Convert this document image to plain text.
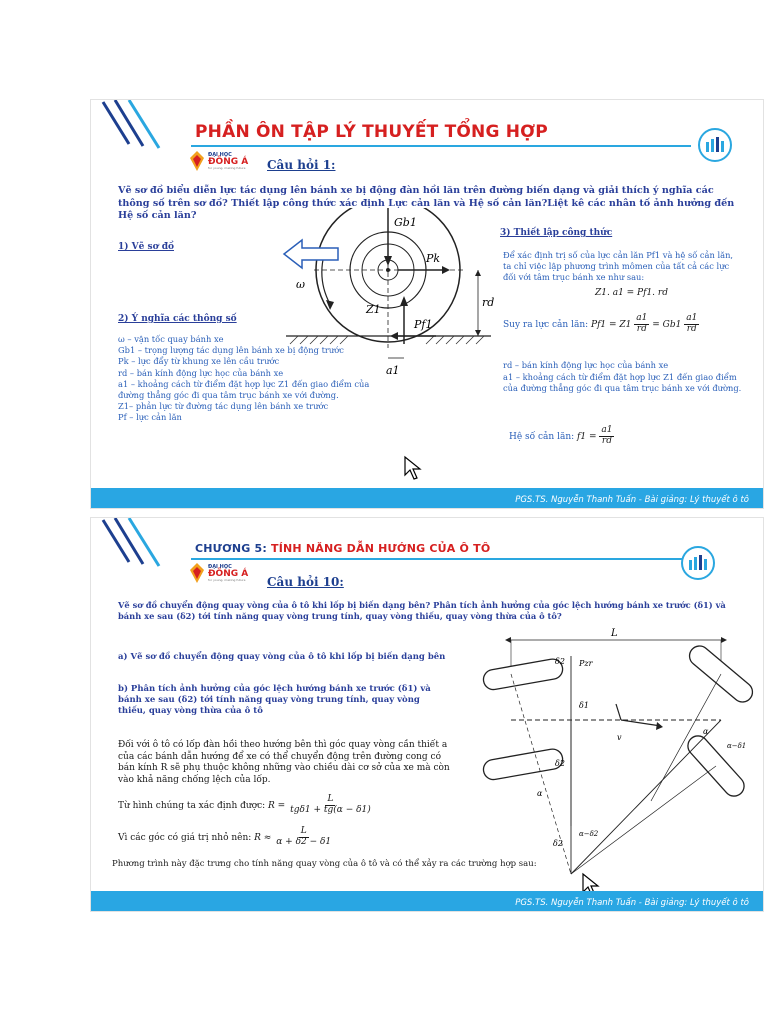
PHẦN ÔN TẬP LÝ THUYẾT TỔNG HỢP
ĐẠI HỌC
ĐÔNG Á
for young, making future Câu hỏi 1:
Vẽ sơ đồ biểu diễn lực tác dụng lên bánh xe bị động đàn hồi lăn trên đường biến dạng và giải thích ý nghĩa các thông số trên sơ đồ? Thiết lập công thức xác định Lực cản lăn và Hệ số cản lăn?Liệt kê các nhân tố ảnh hưởng đến Hệ số cản lăn?
1) Vẽ sơ đồ
Gb1
Pk
ω
Z1
Pf1
a1
rd
2) Ý nghĩa các thông số
ω – vận tốc quay bánh xe
Gb1 – trọng lượng tác dụng lên bánh xe bị động trước
Pk – lực đẩy từ khung xe lên cầu trước
rd – bán kính động lực học của bánh xe
a1 – khoảng cách từ điểm đặt hợp lực Z1 đến giao điểm của đường thẳng góc đi qua tâm trục bánh xe với đường.
Z1– phản lực từ đường tác dụng lên bánh xe trước
Pf – lực cản lăn
3) Thiết lập công thức
Để xác định trị số của lực cản lăn Pf1 và hệ số cản lăn, ta chỉ việc lập phương trình mômen của tất cả các lực đối với tâm trục bánh xe như sau:
Z1. a1 = Pf1. rd
Suy ra lực cản lăn: $Pf1 = Z1 \frac{a1}{rd} = Gb1 \frac{a1}{rd}$
rd – bán kính động lực học của bánh xe
a1 – khoảng cách từ điểm đặt hợp lực Z1 đến giao điểm của đường thẳng góc đi qua tâm trục bánh xe với đường.
Hệ số cản lăn: $f1 = \frac{a1}{rd}$
PGS.TS. Nguyễn Thanh Tuấn - Bài giảng: Lý thuyết ô tô
CHƯƠNG 5: TÍNH NĂNG DẪN HƯỚNG CỦA Ô TÔ
ĐẠI HỌC
ĐÔNG Á
for young, making future Câu hỏi 10:
Vẽ sơ đồ chuyển động quay vòng của ô tô khi lốp bị biến dạng bên? Phân tích ảnh hưởng của góc lệch hướng bánh xe trước (δ1) và bánh xe sau (δ2) tới tính năng quay vòng trung tính, quay vòng thiếu, quay vòng thừa của ô tô?
a) Vẽ sơ đồ chuyển động quay vòng của ô tô khi lốp bị biến dạng bên
b) Phân tích ảnh hưởng của góc lệch hướng bánh xe trước (δ1) và bánh xe sau (δ2) tới tính năng quay vòng trung tính, quay vòng thiếu, quay vòng thừa của ô tô
Đối với ô tô có lốp đàn hồi theo hướng bên thì góc quay vòng cần thiết a của các bánh dẫn hướng để xe có thể chuyển động trên đường cong có bán kính R sẽ phụ thuộc không những vào chiều dài cơ sở của xe mà còn vào khả năng chống lệch của lốp.
Từ hình chúng ta xác định được: $R = \frac{L}{\text{tgδ1 + tg(α − δ1)}}$
Vì các góc có giá trị nhỏ nên: $R \approx \frac{L}{\alpha + \delta 2 - \delta 1}$
Phương trình này đặc trưng cho tính năng quay vòng của ô tô và có thể xảy ra các trường hợp sau:
L
Pzr
δ2
δ1
v
α
α−δ1
δ2
δ2
α−δ2
α
PGS.TS. Nguyễn Thanh Tuấn - Bài giảng: Lý thuyết ô tô
